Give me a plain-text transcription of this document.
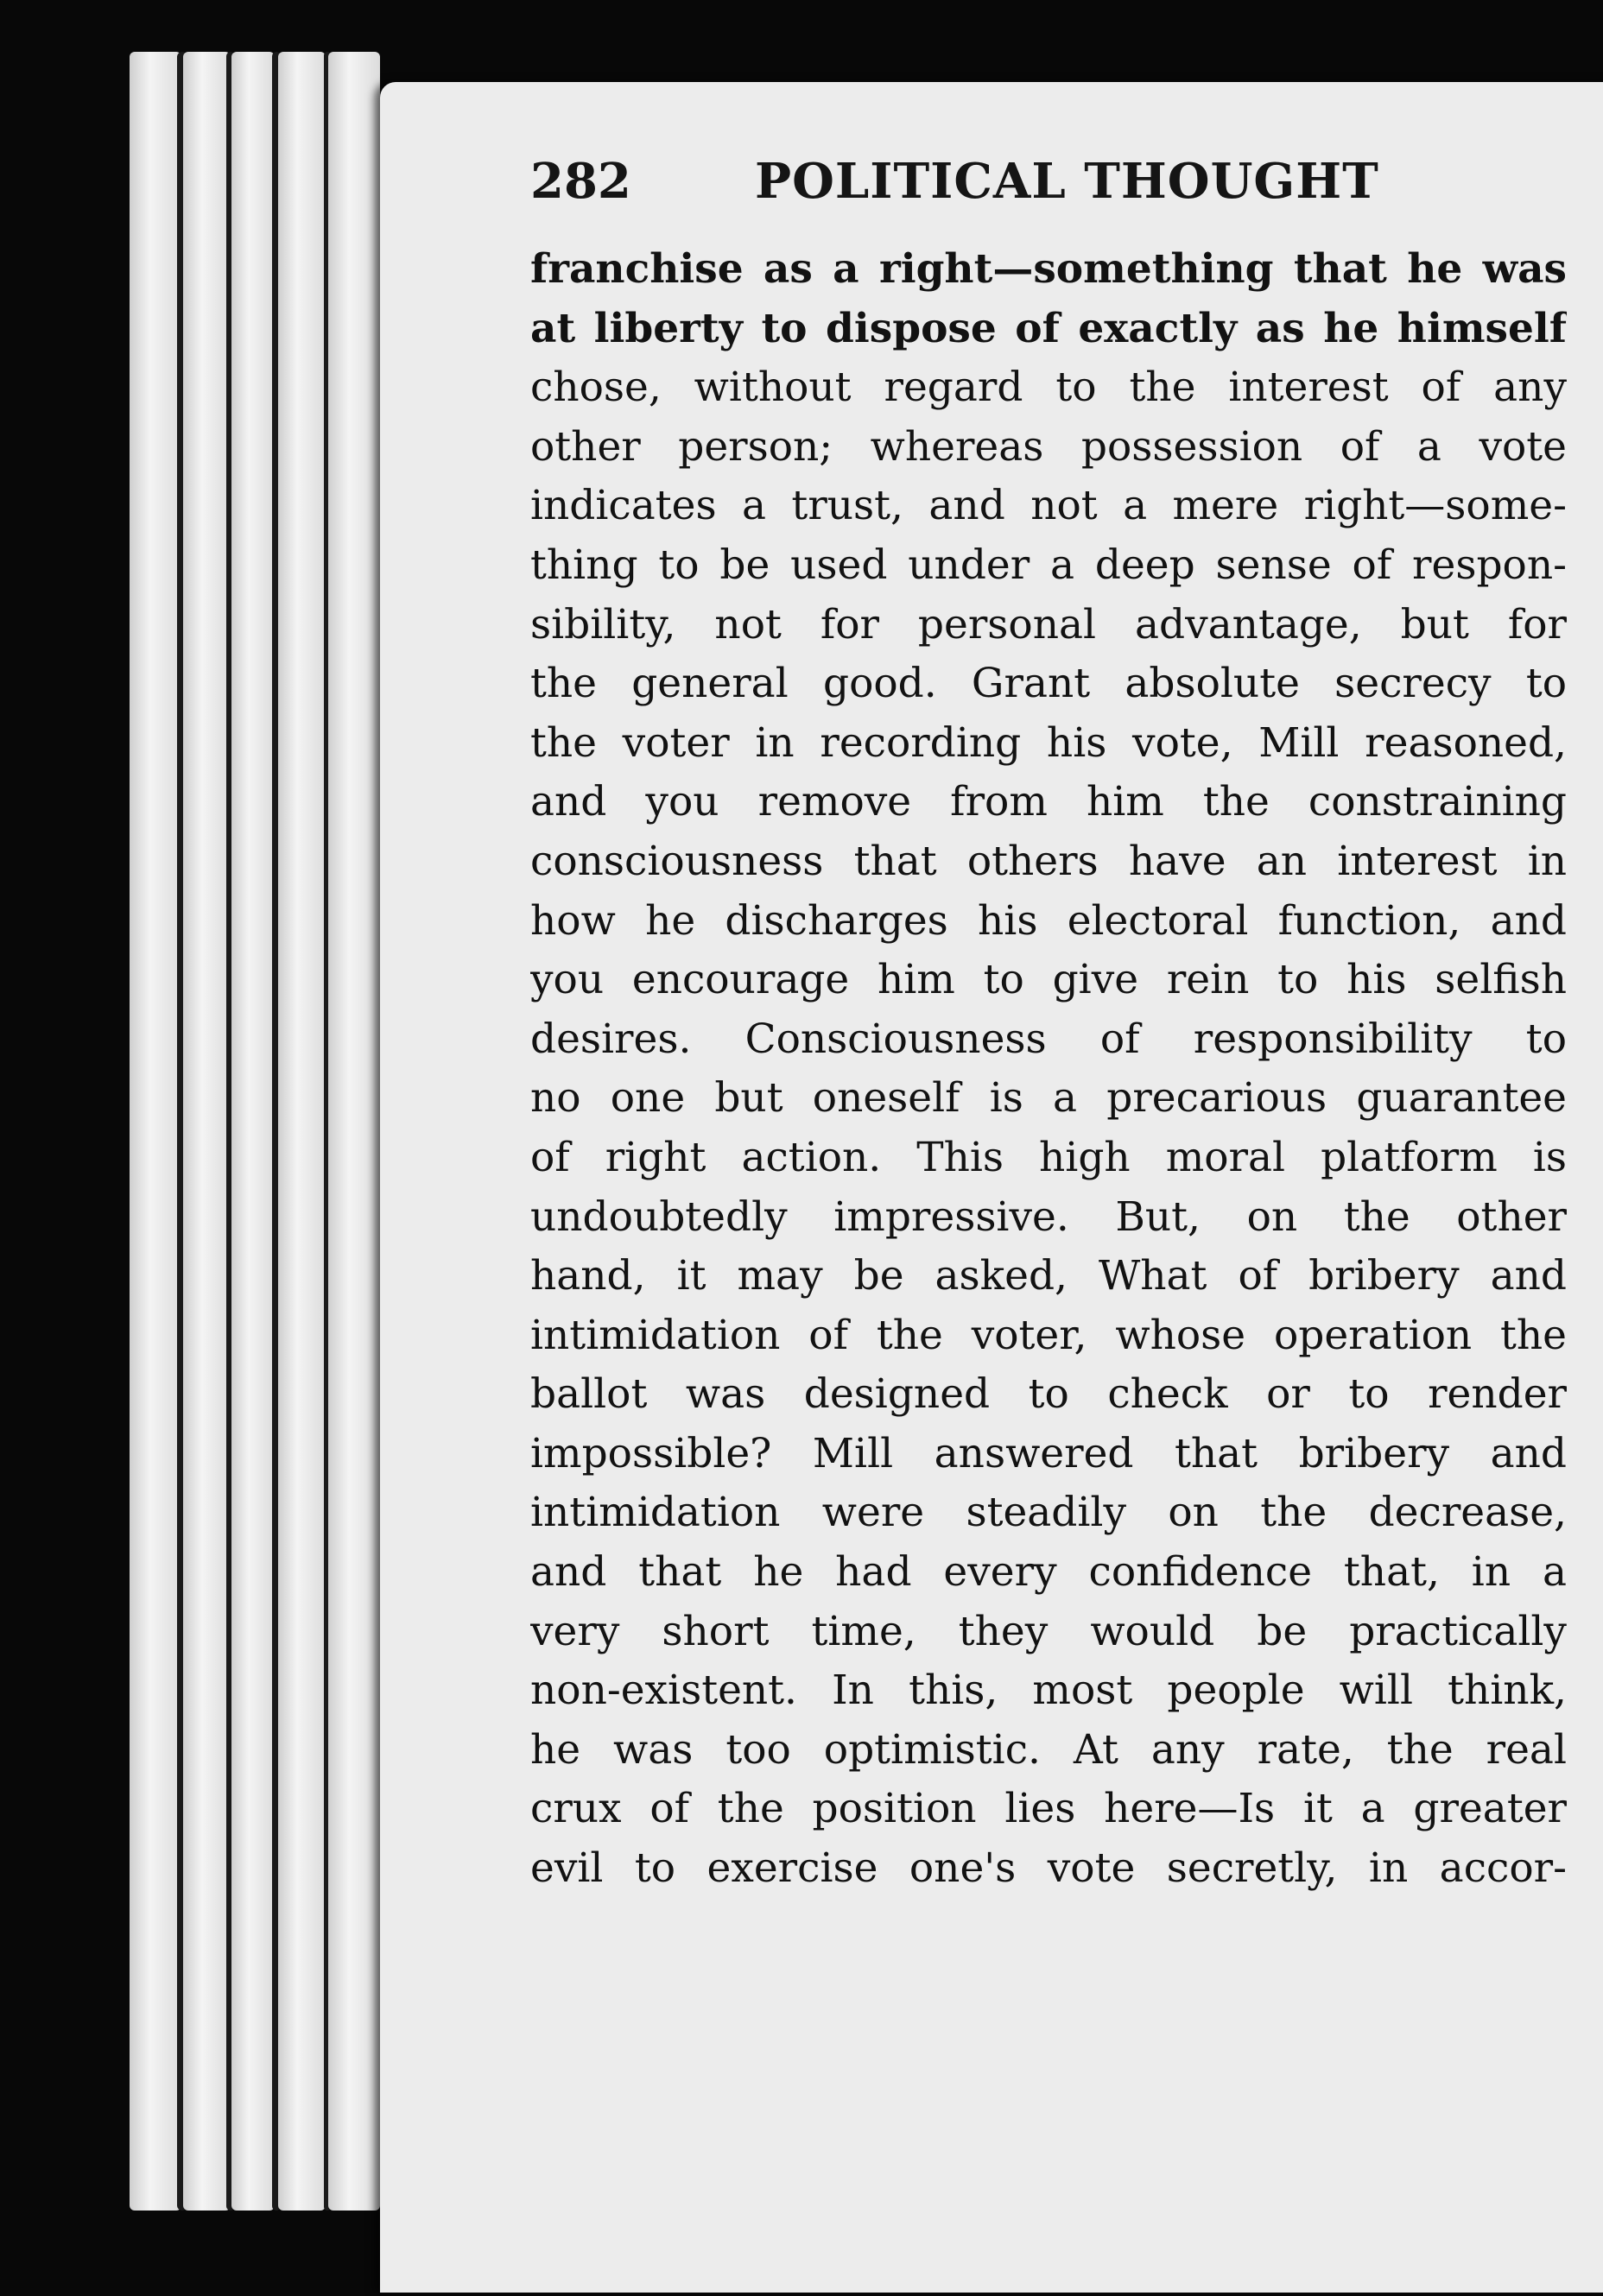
282	POLITICAL THOUGHT
franchise as a right—something that he was
at liberty to dispose of exactly as he himself
chose, without regard to the interest of any
other person; whereas possession of a vote
indicates a trust, and not a mere right—some-
thing to be used under a deep sense of respon-
sibility, not for personal advantage, but for
the general good. Grant absolute secrecy to
the voter in recording his vote, Mill reasoned,
and you remove from him the constraining
consciousness that others have an interest in
how he discharges his electoral function, and
you encourage him to give rein to his selfish
desires. Consciousness of responsibility to
no one but oneself is a precarious guarantee
of right action. This high moral platform is
undoubtedly impressive. But, on the other
hand, it may be asked, What of bribery and
intimidation of the voter, whose operation the
ballot was designed to check or to render
impossible? Mill answered that bribery and
intimidation were steadily on the decrease,
and that he had every confidence that, in a
very short time, they would be practically
non-existent. In this, most people will think,
he was too optimistic. At any rate, the real
crux of the position lies here—Is it a greater
evil to exercise one's vote secretly, in accor-
